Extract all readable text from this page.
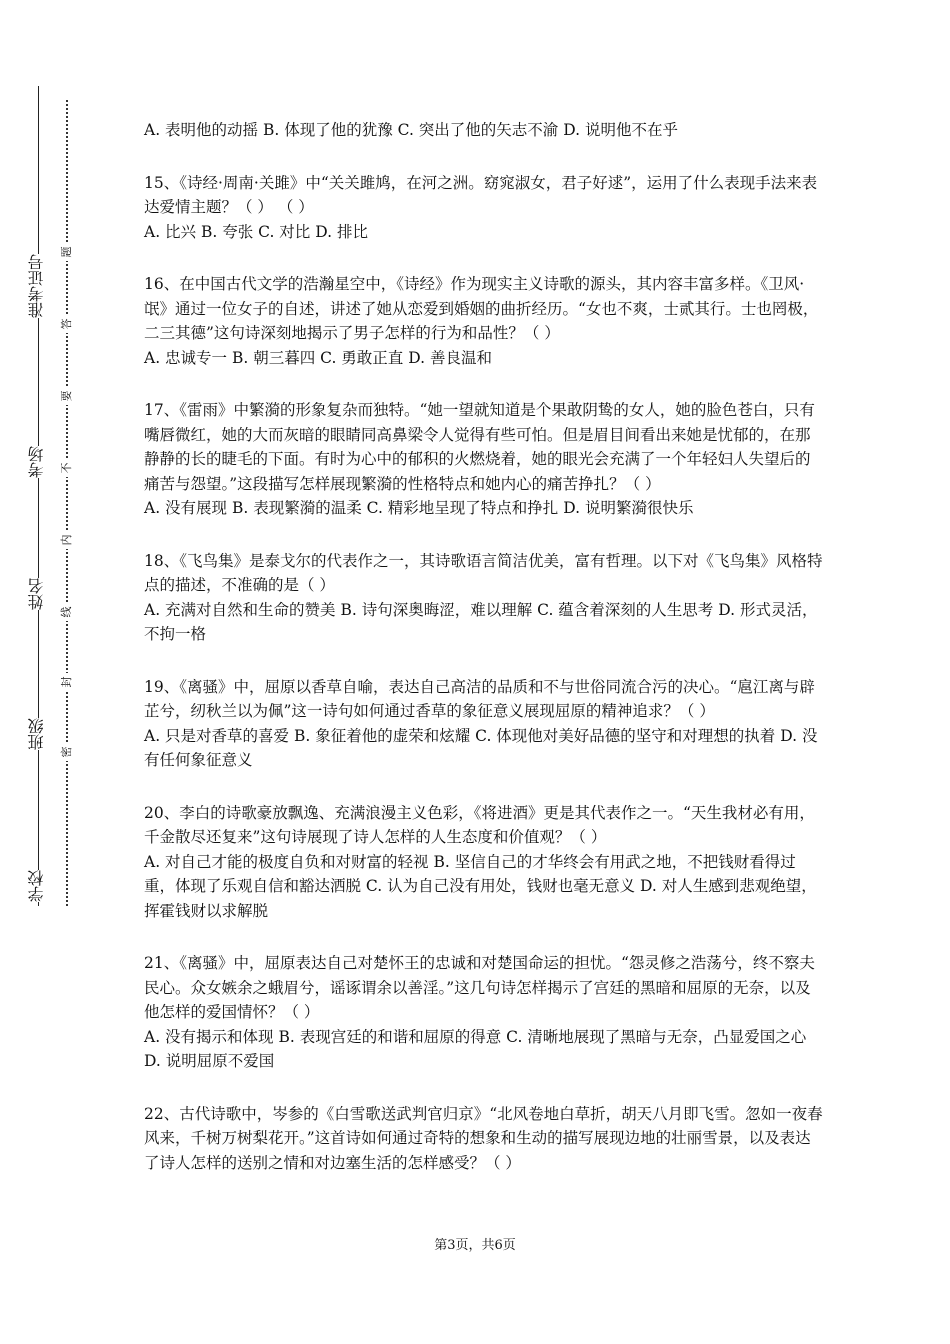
学校
班级
姓名
考场
准考证号
密
封
线
内
不
要
答
题

A. 表明他的动摇 B. 体现了他的犹豫 C. 突出了他的矢志不渝 D. 说明他不在乎

15、《诗经·周南·关雎》中“关关雎鸠，在河之洲。窈窕淑女，君子好逑”，运用了什么表现手法来表达爱情主题？（ ） （ ）

A. 比兴 B. 夸张 C. 对比 D. 排比

16、在中国古代文学的浩瀚星空中，《诗经》作为现实主义诗歌的源头，其内容丰富多样。《卫风·氓》通过一位女子的自述，讲述了她从恋爱到婚姻的曲折经历。“女也不爽，士贰其行。士也罔极，二三其德”这句诗深刻地揭示了男子怎样的行为和品性？（ ）

A. 忠诚专一 B. 朝三暮四 C. 勇敢正直 D. 善良温和

17、《雷雨》中繁漪的形象复杂而独特。“她一望就知道是个果敢阴鸷的女人，她的脸色苍白，只有嘴唇微红，她的大而灰暗的眼睛同高鼻梁令人觉得有些可怕。但是眉目间看出来她是忧郁的，在那静静的长的睫毛的下面。有时为心中的郁积的火燃烧着，她的眼光会充满了一个年轻妇人失望后的痛苦与怨望。”这段描写怎样展现繁漪的性格特点和她内心的痛苦挣扎？（ ）

A. 没有展现 B. 表现繁漪的温柔 C. 精彩地呈现了特点和挣扎 D. 说明繁漪很快乐

18、《飞鸟集》是泰戈尔的代表作之一，其诗歌语言简洁优美，富有哲理。以下对《飞鸟集》风格特点的描述，不准确的是（ ）

A. 充满对自然和生命的赞美 B. 诗句深奥晦涩，难以理解 C. 蕴含着深刻的人生思考 D. 形式灵活，不拘一格

19、《离骚》中，屈原以香草自喻，表达自己高洁的品质和不与世俗同流合污的决心。“扈江离与辟芷兮，纫秋兰以为佩”这一诗句如何通过香草的象征意义展现屈原的精神追求？（ ）

A. 只是对香草的喜爱 B. 象征着他的虚荣和炫耀 C. 体现他对美好品德的坚守和对理想的执着 D. 没有任何象征意义

20、李白的诗歌豪放飘逸、充满浪漫主义色彩，《将进酒》更是其代表作之一。“天生我材必有用，千金散尽还复来”这句诗展现了诗人怎样的人生态度和价值观？（ ）

A. 对自己才能的极度自负和对财富的轻视 B. 坚信自己的才华终会有用武之地，不把钱财看得过重，体现了乐观自信和豁达洒脱 C. 认为自己没有用处，钱财也毫无意义 D. 对人生感到悲观绝望，挥霍钱财以求解脱

21、《离骚》中，屈原表达自己对楚怀王的忠诚和对楚国命运的担忧。“怨灵修之浩荡兮，终不察夫民心。众女嫉余之蛾眉兮，谣诼谓余以善淫。”这几句诗怎样揭示了宫廷的黑暗和屈原的无奈，以及他怎样的爱国情怀？（ ）

A. 没有揭示和体现 B. 表现宫廷的和谐和屈原的得意 C. 清晰地展现了黑暗与无奈，凸显爱国之心 D. 说明屈原不爱国

22、古代诗歌中，岑参的《白雪歌送武判官归京》“北风卷地白草折，胡天八月即飞雪。忽如一夜春风来，千树万树梨花开。”这首诗如何通过奇特的想象和生动的描写展现边地的壮丽雪景，以及表达了诗人怎样的送别之情和对边塞生活的怎样感受？（ ）

第3页，共6页
